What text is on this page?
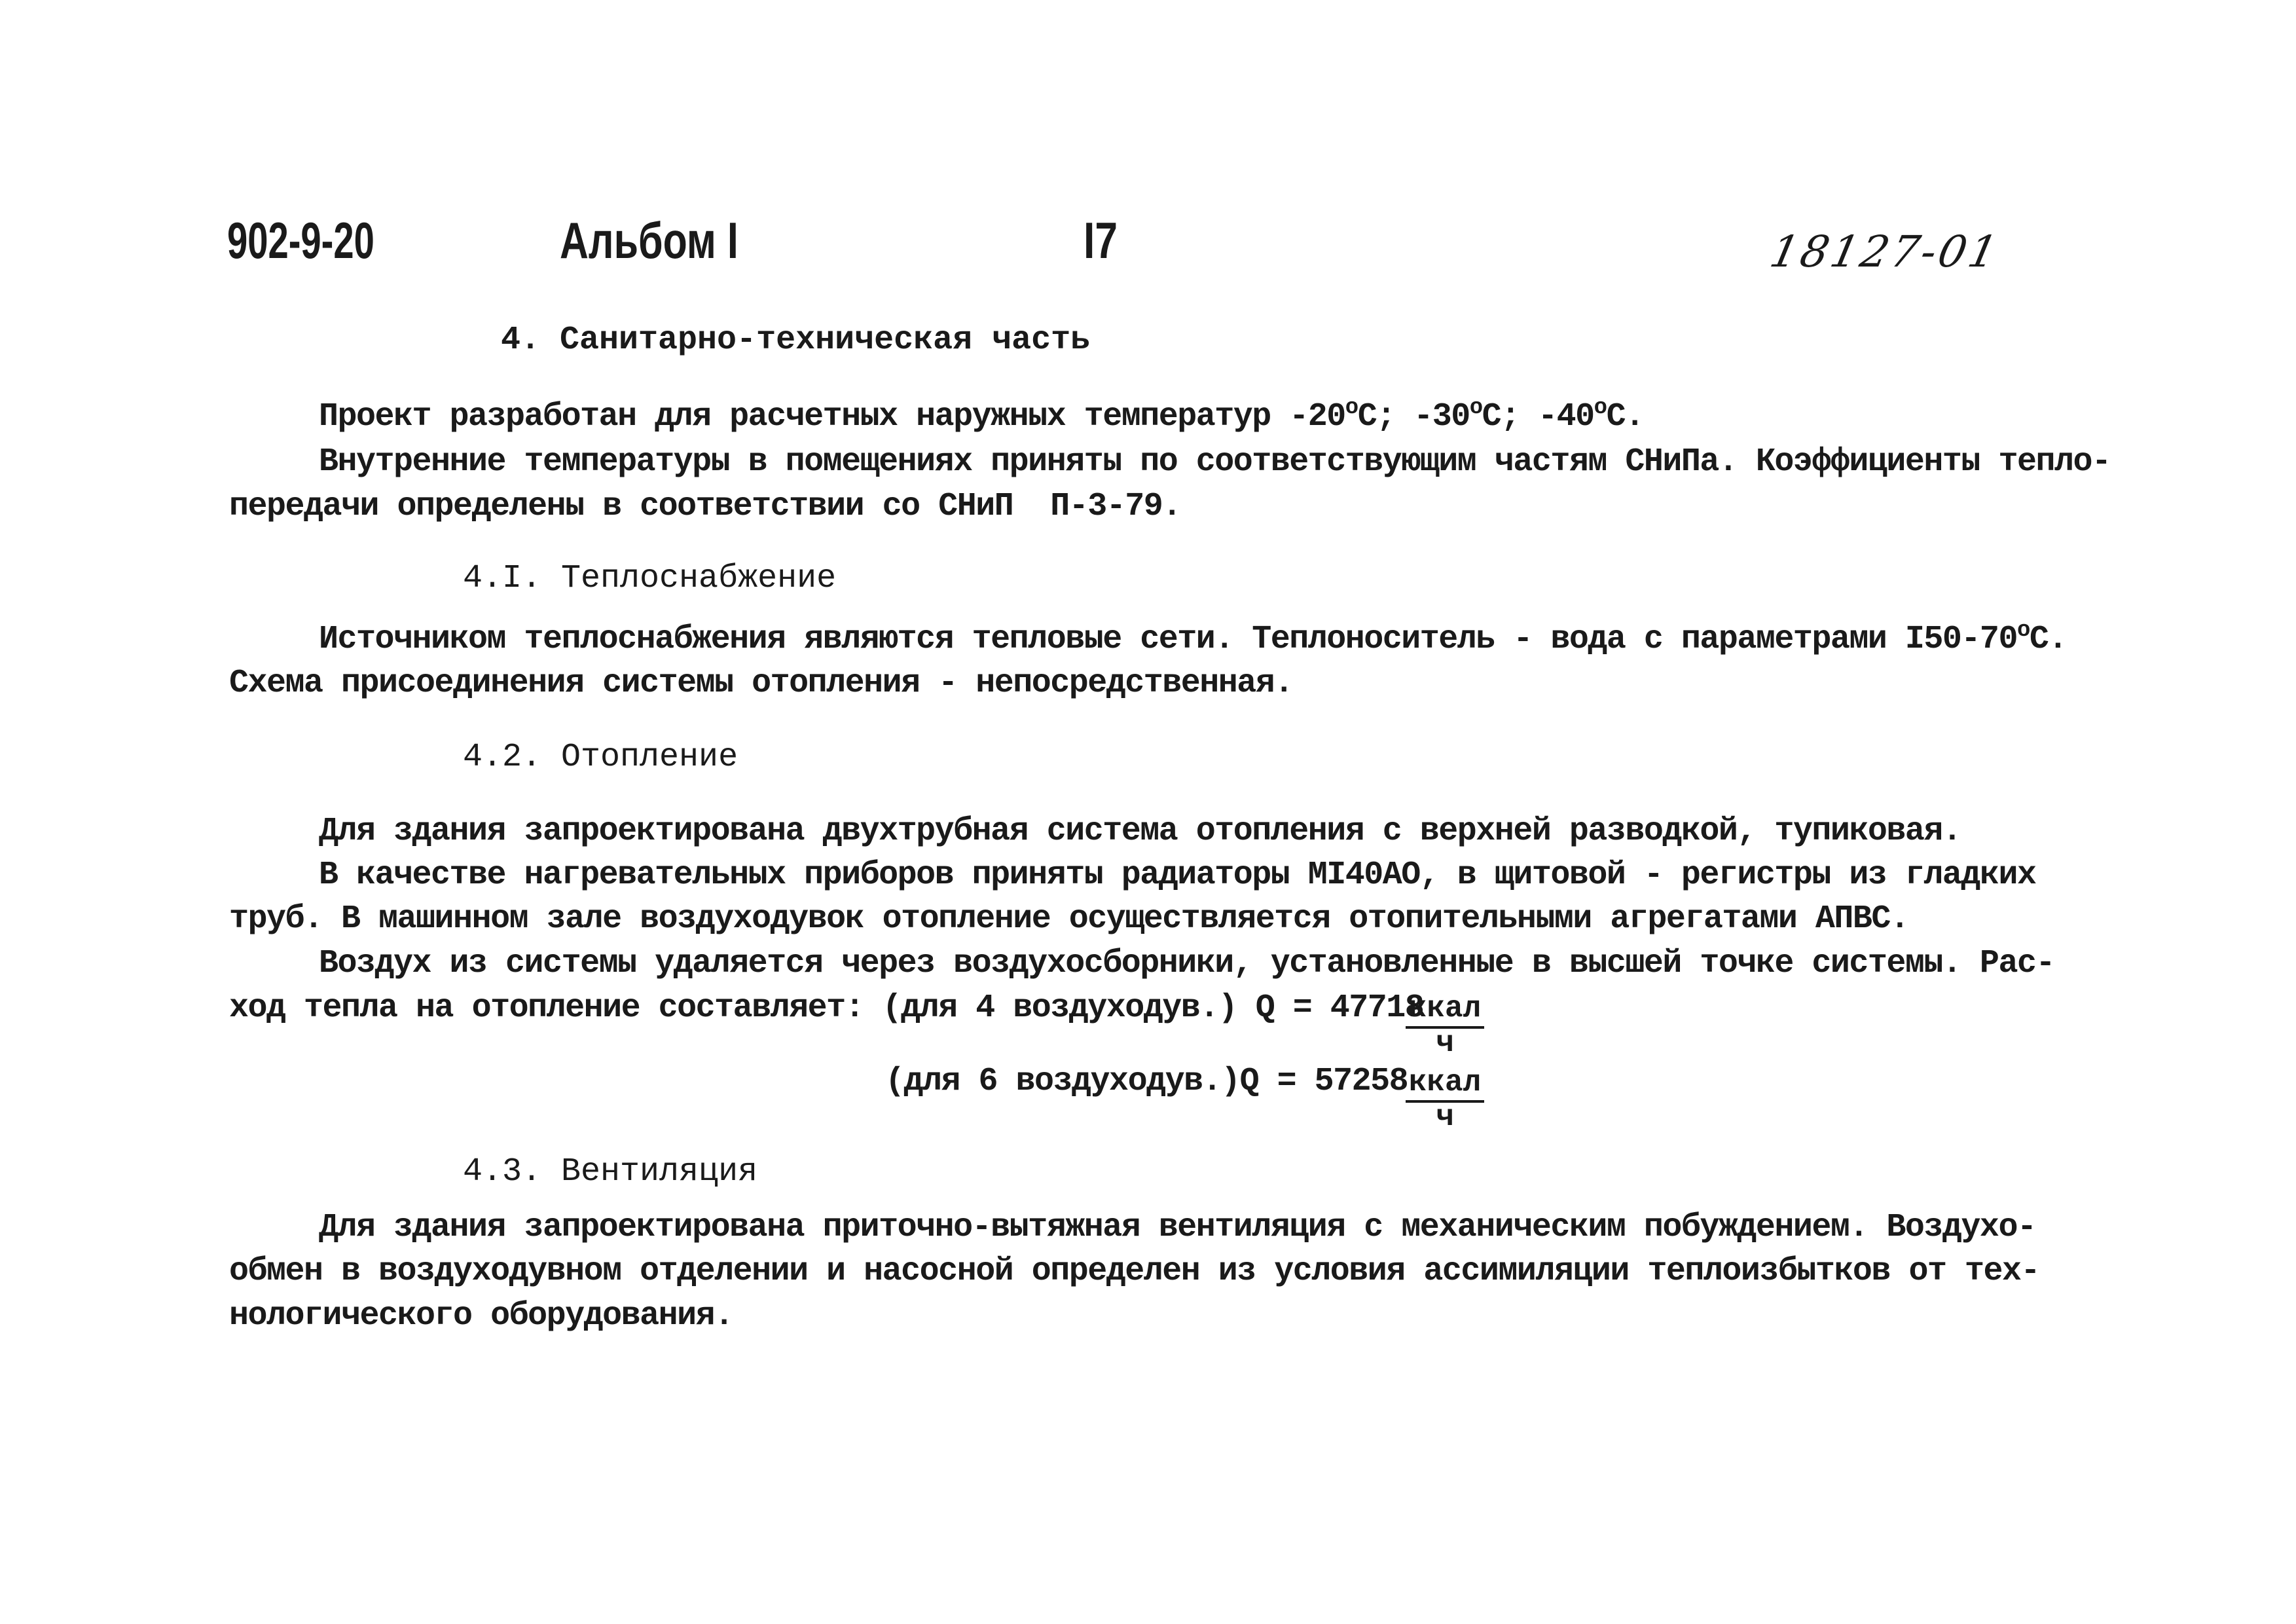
902-9-20	Альбом I	I7	18127-01
4. Санитарно-техническая часть
Проект разработан для расчетных наружных температур -20$^o$C; -30$^o$C; -40$^o$C.
Внутренние температуры в помещениях приняты по соответствующим частям СНиПа. Коэффициенты тепло-
передачи определены в соответствии со СНиП  П-3-79.
4.I. Теплоснабжение
Источником теплоснабжения являются тепловые сети. Теплоноситель - вода с параметрами I50-70$^o$C.
Схема присоединения системы отопления - непосредственная.
4.2. Отопление
Для здания запроектирована двухтрубная система отопления с верхней разводкой, тупиковая.
В качестве нагревательных приборов приняты радиаторы МI40АО, в щитовой - регистры из гладких
труб. В машинном зале воздуходувок отопление осуществляется отопительными агрегатами АПВС.
Воздух из системы удаляется через воздухосборники, установленные в высшей точке системы. Рас-
ход тепла на отопление составляет: (для 4 воздуходув.) Q = 47718
ккал
ч
(для 6 воздуходув.)Q = 57258 ккал
ч
4.3. Вентиляция
Для здания запроектирована приточно-вытяжная вентиляция с механическим побуждением. Воздухо-
обмен в воздуходувном отделении и насосной определен из условия ассимиляции теплоизбытков от тех-
нологического оборудования.
